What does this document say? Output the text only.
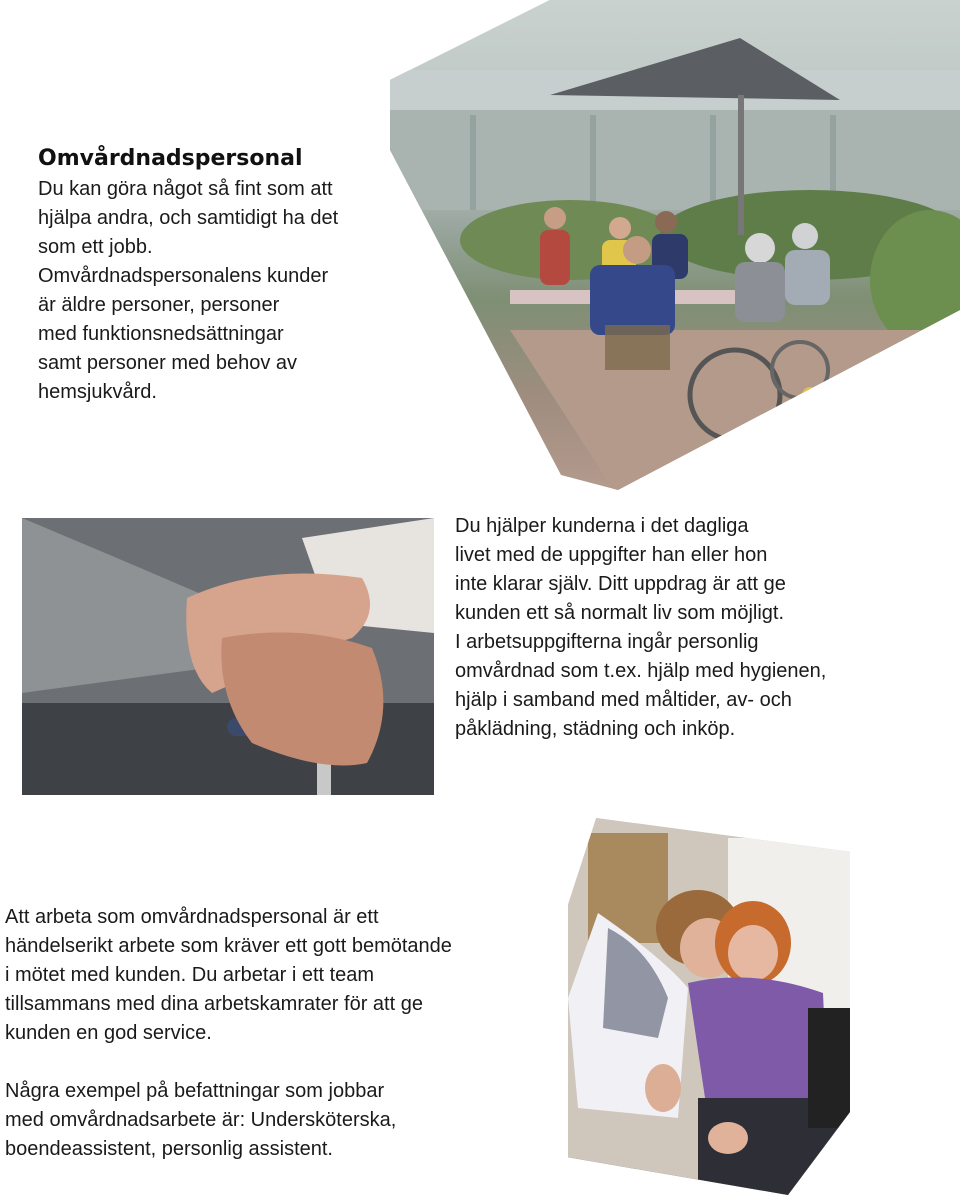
Omvårdnadspersonal

Du kan göra något så fint som att
hjälpa andra, och samtidigt ha det
som ett jobb.
Omvårdnadspersonalens kunder
är äldre personer, personer
med funktionsnedsättningar
samt personer med behov av
hemsjukvård.

Du hjälper kunderna i det dagliga
livet med de uppgifter han eller hon
inte klarar själv. Ditt uppdrag är att ge
kunden ett så normalt liv som möjligt.
I arbetsuppgifterna ingår personlig
omvårdnad som t.ex. hjälp med hygienen,
hjälp i samband med måltider, av- och
påklädning, städning och inköp.

Att arbeta som omvårdnadspersonal är ett
händelserikt arbete som kräver ett gott bemötande
i mötet med kunden. Du arbetar i ett team
tillsammans med dina arbetskamrater för att ge
kunden en god service.

Några exempel på befattningar som jobbar
med omvårdnadsarbete är: Undersköterska,
boendeassistent, personlig assistent.
